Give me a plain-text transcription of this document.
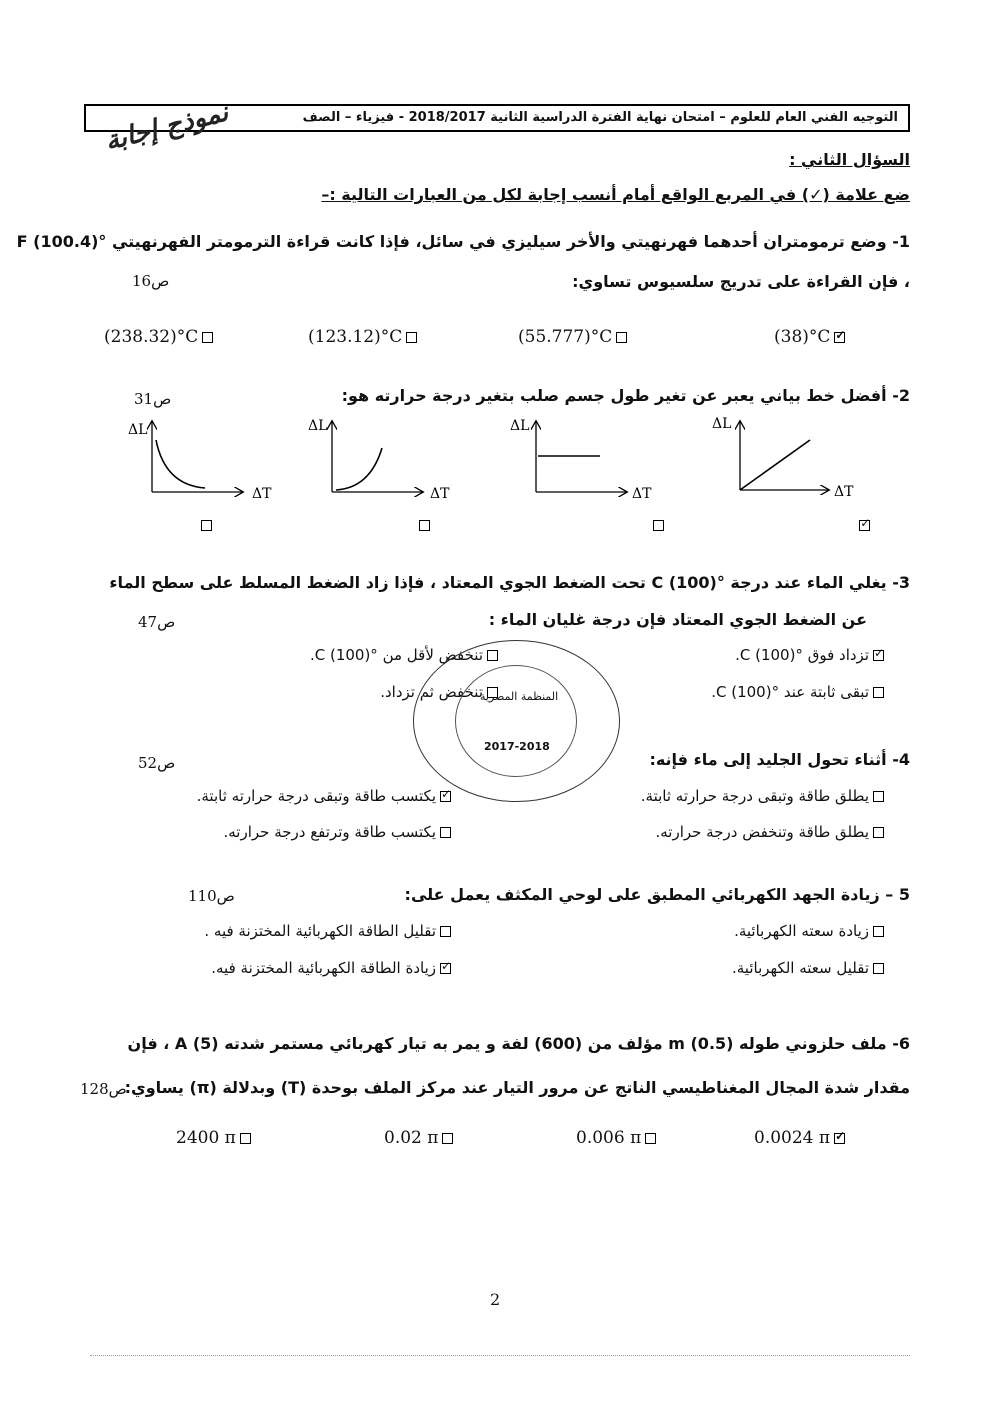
التوجيه الفني العام للعلوم – امتحان نهاية الفترة الدراسية الثانية 2018/2017 - فيزياء – الصف
نموذج إجابة
السؤال الثاني :
ضع علامة (✓) في المربع الواقع أمام أنسب إجابة لكل من العبارات التالية :–
1- وضع ترمومتران أحدهما فهرنهيتي والأخر سيليزي في سائل، فإذا كانت قراءة الترمومتر الفهرنهيتي °F (100.4)
، فإن القراءة على تدريج سلسيوس تساوي:
ص16
(38)°C✓
(55.777)°C
(123.12)°C
(238.32)°C
2- أفضل خط بياني يعبر عن تغير طول جسم صلب بتغير درجة حرارته هو:
ص31
ΔL
ΔT
ΔL
ΔT
ΔL
ΔT
ΔL
ΔT
✓
3- يغلي الماء عند درجة °C (100) تحت الضغط الجوي المعتاد ، فإذا زاد الضغط المسلط على سطح الماء
عن الضغط الجوي المعتاد فإن درجة غليان الماء :
ص47
✓تزداد فوق °C (100).
تنخفض لأقل من °C (100).
تبقى ثابتة عند °C (100).
تنخفض ثم تزداد.
المنظمة المصرية
2017-2018
4- أثناء تحول الجليد إلى ماء فإنه:
ص52
يطلق طاقة وتبقى درجة حرارته ثابتة.
✓يكتسب طاقة وتبقى درجة حرارته ثابتة.
يطلق طاقة وتنخفض درجة حرارته.
يكتسب طاقة وترتفع درجة حرارته.
5 – زيادة الجهد الكهربائي المطبق على لوحي المكثف يعمل على:
ص110
زيادة سعته الكهربائية.
تقليل الطاقة الكهربائية المختزنة فيه .
تقليل سعته الكهربائية.
✓زيادة الطاقة الكهربائية المختزنة فيه.
6- ملف حلزوني طوله m (0.5) مؤلف من (600) لفة و يمر به تيار كهربائي مستمر شدته A (5) ، فإن
مقدار شدة المجال المغناطيسي الناتج عن مرور التيار عند مركز الملف بوحدة (T) وبدلالة (π) يساوي:
ص128
0.0024 π✓
0.006 π
0.02 π
2400 π
2
